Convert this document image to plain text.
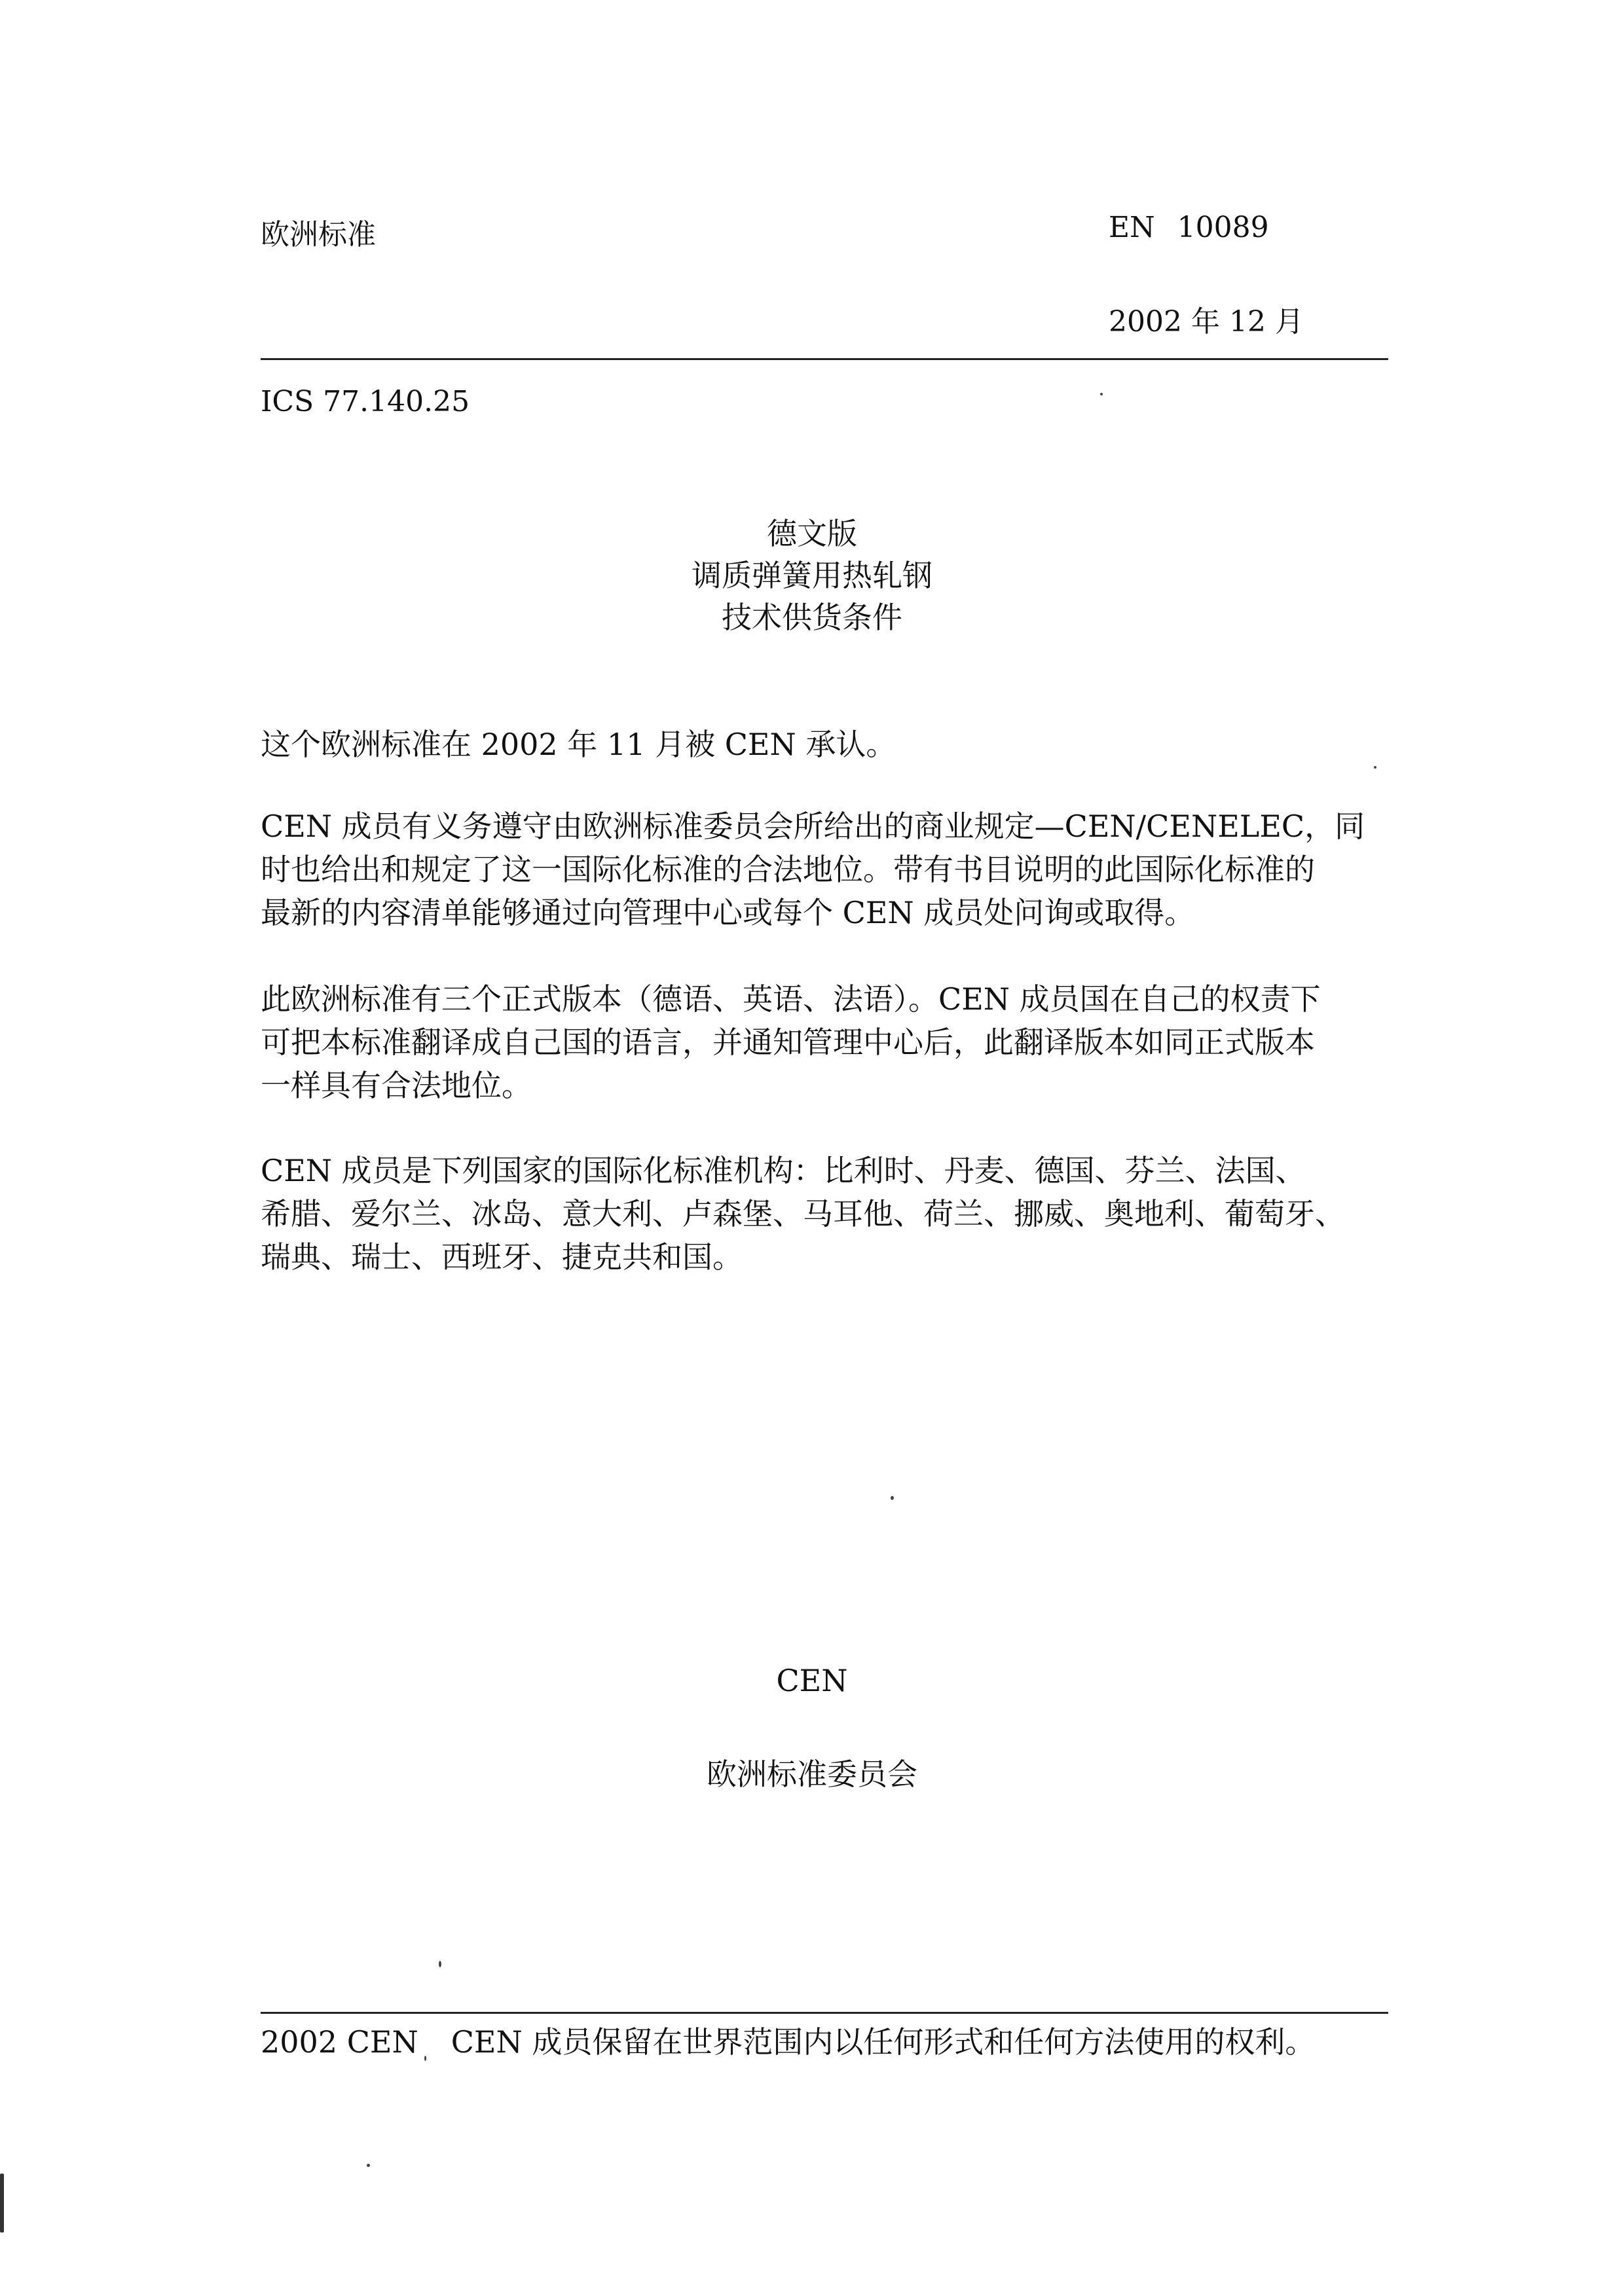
欧洲标准	EN 10089
2002 年 12 月
ICS 77.140.25
德文版
调质弹簧用热轧钢
技术供货条件
这个欧洲标准在 2002 年 11 月被 CEN 承认。
CEN 成员有义务遵守由欧洲标准委员会所给出的商业规定—CEN/CENELEC，同
时也给出和规定了这一国际化标准的合法地位。带有书目说明的此国际化标准的
最新的内容清单能够通过向管理中心或每个 CEN 成员处问询或取得。
此欧洲标准有三个正式版本（德语、英语、法语）。CEN 成员国在自己的权责下
可把本标准翻译成自己国的语言，并通知管理中心后，此翻译版本如同正式版本
一样具有合法地位。
CEN 成员是下列国家的国际化标准机构：比利时、丹麦、德国、芬兰、法国、
希腊、爱尔兰、冰岛、意大利、卢森堡、马耳他、荷兰、挪威、奥地利、葡萄牙、
瑞典、瑞士、西班牙、捷克共和国。
CEN
欧洲标准委员会
2002 CEN CEN 成员保留在世界范围内以任何形式和任何方法使用的权利。
